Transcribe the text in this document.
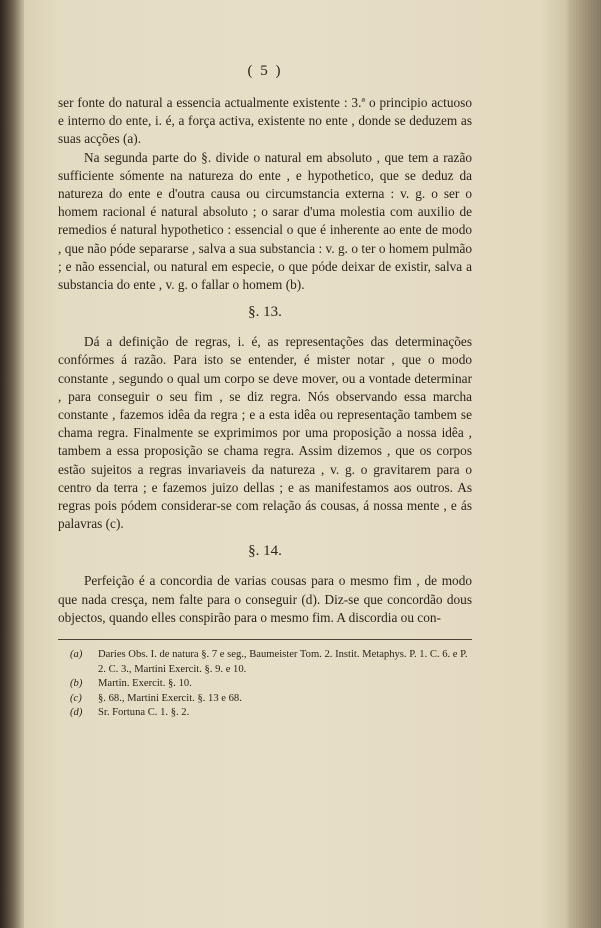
( 5 )

ser fonte do natural a essencia actualmente existente : 3.ª o principio actuoso e interno do ente, i. é, a força activa, existente no ente , donde se deduzem as suas acções (a).

Na segunda parte do §. divide o natural em absoluto , que tem a razão sufficiente sómente na natureza do ente , e hypothetico, que se deduz da natureza do ente e d'outra causa ou circumstancia externa : v. g. o ser o homem racional é natural absoluto ; o sarar d'uma molestia com auxilio de remedios é natural hypothetico : essencial o que é inherente ao ente de modo , que não póde separarse , salva a sua substancia : v. g. o ter o homem pulmão ; e não essencial, ou natural em especie, o que póde deixar de existir, salva a substancia do ente , v. g. o fallar o homem (b).

§. 13.

Dá a definição de regras, i. é, as representações das determinações confórmes á razão. Para isto se entender, é mister notar , que o modo constante , segundo o qual um corpo se deve mover, ou a vontade determinar , para conseguir o seu fim , se diz regra. Nós observando essa marcha constante , fazemos idêa da regra ; e a esta idêa ou representação tambem se chama regra. Finalmente se exprimimos por uma proposição a nossa idêa , tambem a essa proposição se chama regra. Assim dizemos , que os corpos estão sujeitos a regras invariaveis da natureza , v. g. o gravitarem para o centro da terra ; e fazemos juizo dellas ; e as manifestamos aos outros. As regras pois pódem considerar-se com relação ás cousas, á nossa mente , e ás palavras (c).

§. 14.

Perfeição é a concordia de varias cousas para o mesmo fim , de modo que nada cresça, nem falte para o conseguir (d). Diz-se que concordão dous objectos, quando elles conspirão para o mesmo fim. A discordia ou con-

(a)	Daries Obs. I. de natura §. 7 e seg., Baumeister Tom. 2. Instit. Metaphys. P. 1. C. 6. e P. 2. C. 3., Martini Exercit. §. 9. e 10.
(b)	Martin. Exercit. §. 10.
(c)	§. 68., Martini Exercit. §. 13 e 68.
(d)	Sr. Fortuna C. 1. §. 2.
